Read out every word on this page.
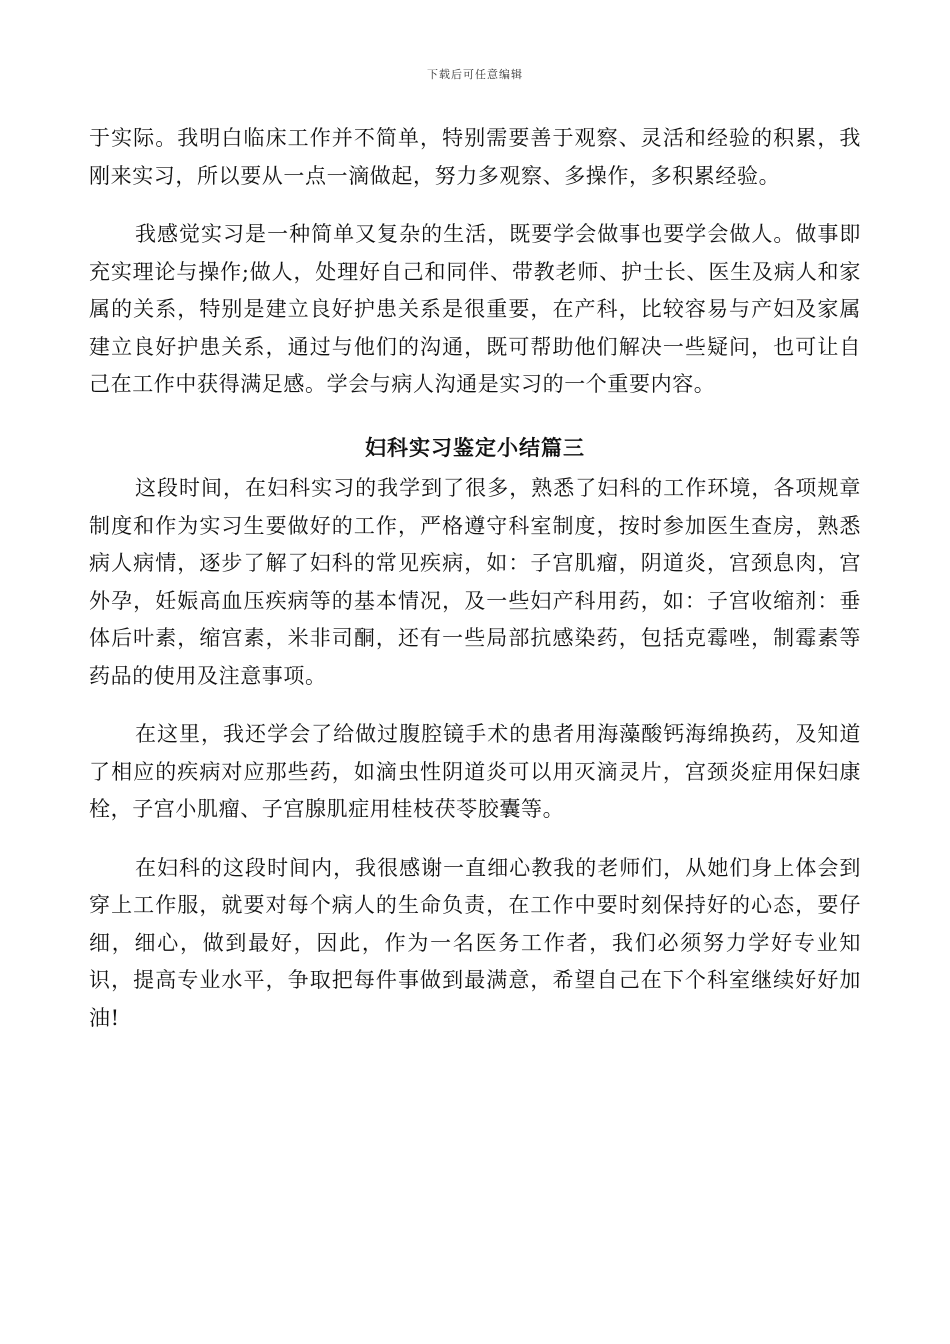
下载后可任意编辑

于实际。我明白临床工作并不简单，特别需要善于观察、灵活和经验的积累，我刚来实习，所以要从一点一滴做起，努力多观察、多操作，多积累经验。

我感觉实习是一种简单又复杂的生活，既要学会做事也要学会做人。做事即充实理论与操作;做人，处理好自己和同伴、带教老师、护士长、医生及病人和家属的关系，特别是建立良好护患关系是很重要，在产科，比较容易与产妇及家属建立良好护患关系，通过与他们的沟通，既可帮助他们解决一些疑问，也可让自己在工作中获得满足感。学会与病人沟通是实习的一个重要内容。

妇科实习鉴定小结篇三

这段时间，在妇科实习的我学到了很多，熟悉了妇科的工作环境，各项规章制度和作为实习生要做好的工作，严格遵守科室制度，按时参加医生查房，熟悉病人病情，逐步了解了妇科的常见疾病，如：子宫肌瘤，阴道炎，宫颈息肉，宫外孕，妊娠高血压疾病等的基本情况，及一些妇产科用药，如：子宫收缩剂：垂体后叶素，缩宫素，米非司酮，还有一些局部抗感染药，包括克霉唑，制霉素等药品的使用及注意事项。

在这里，我还学会了给做过腹腔镜手术的患者用海藻酸钙海绵换药，及知道了相应的疾病对应那些药，如滴虫性阴道炎可以用灭滴灵片，宫颈炎症用保妇康栓，子宫小肌瘤、子宫腺肌症用桂枝茯苓胶囊等。

在妇科的这段时间内，我很感谢一直细心教我的老师们，从她们身上体会到穿上工作服，就要对每个病人的生命负责，在工作中要时刻保持好的心态，要仔细，细心，做到最好，因此，作为一名医务工作者，我们必须努力学好专业知识，提高专业水平，争取把每件事做到最满意，希望自己在下个科室继续好好加油!
